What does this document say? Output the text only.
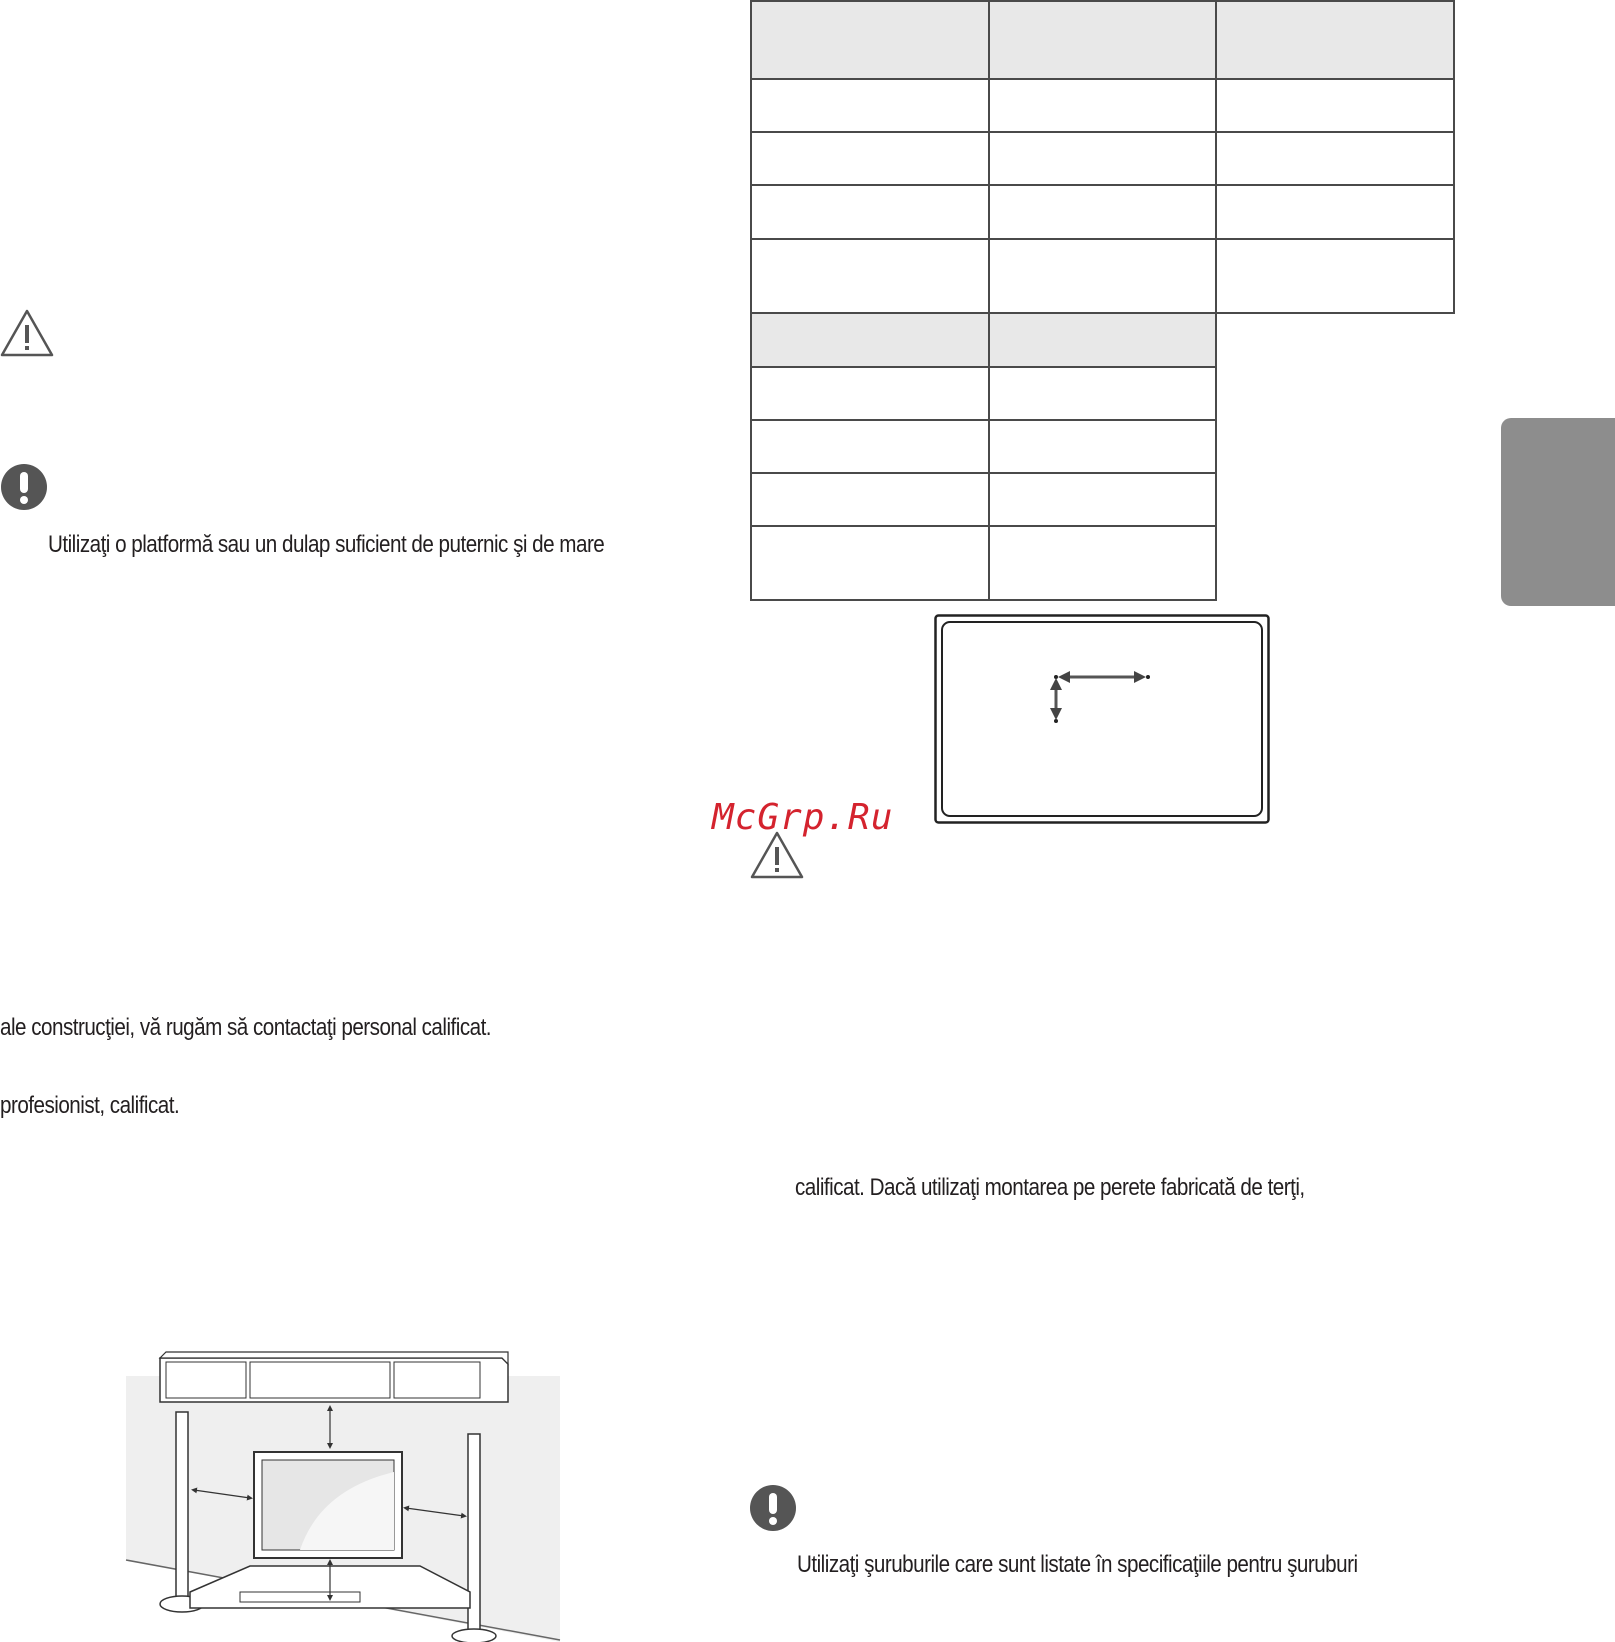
Utilizaţi o platformă sau un dulap suficient de puternic şi de mare
ale construcţiei, vă rugăm să contactaţi personal calificat.
profesionist, calificat.
McGrp.Ru
calificat. Dacă utilizaţi montarea pe perete fabricată de terţi,
Utilizaţi şuruburile care sunt listate în specificaţiile pentru şuruburi
